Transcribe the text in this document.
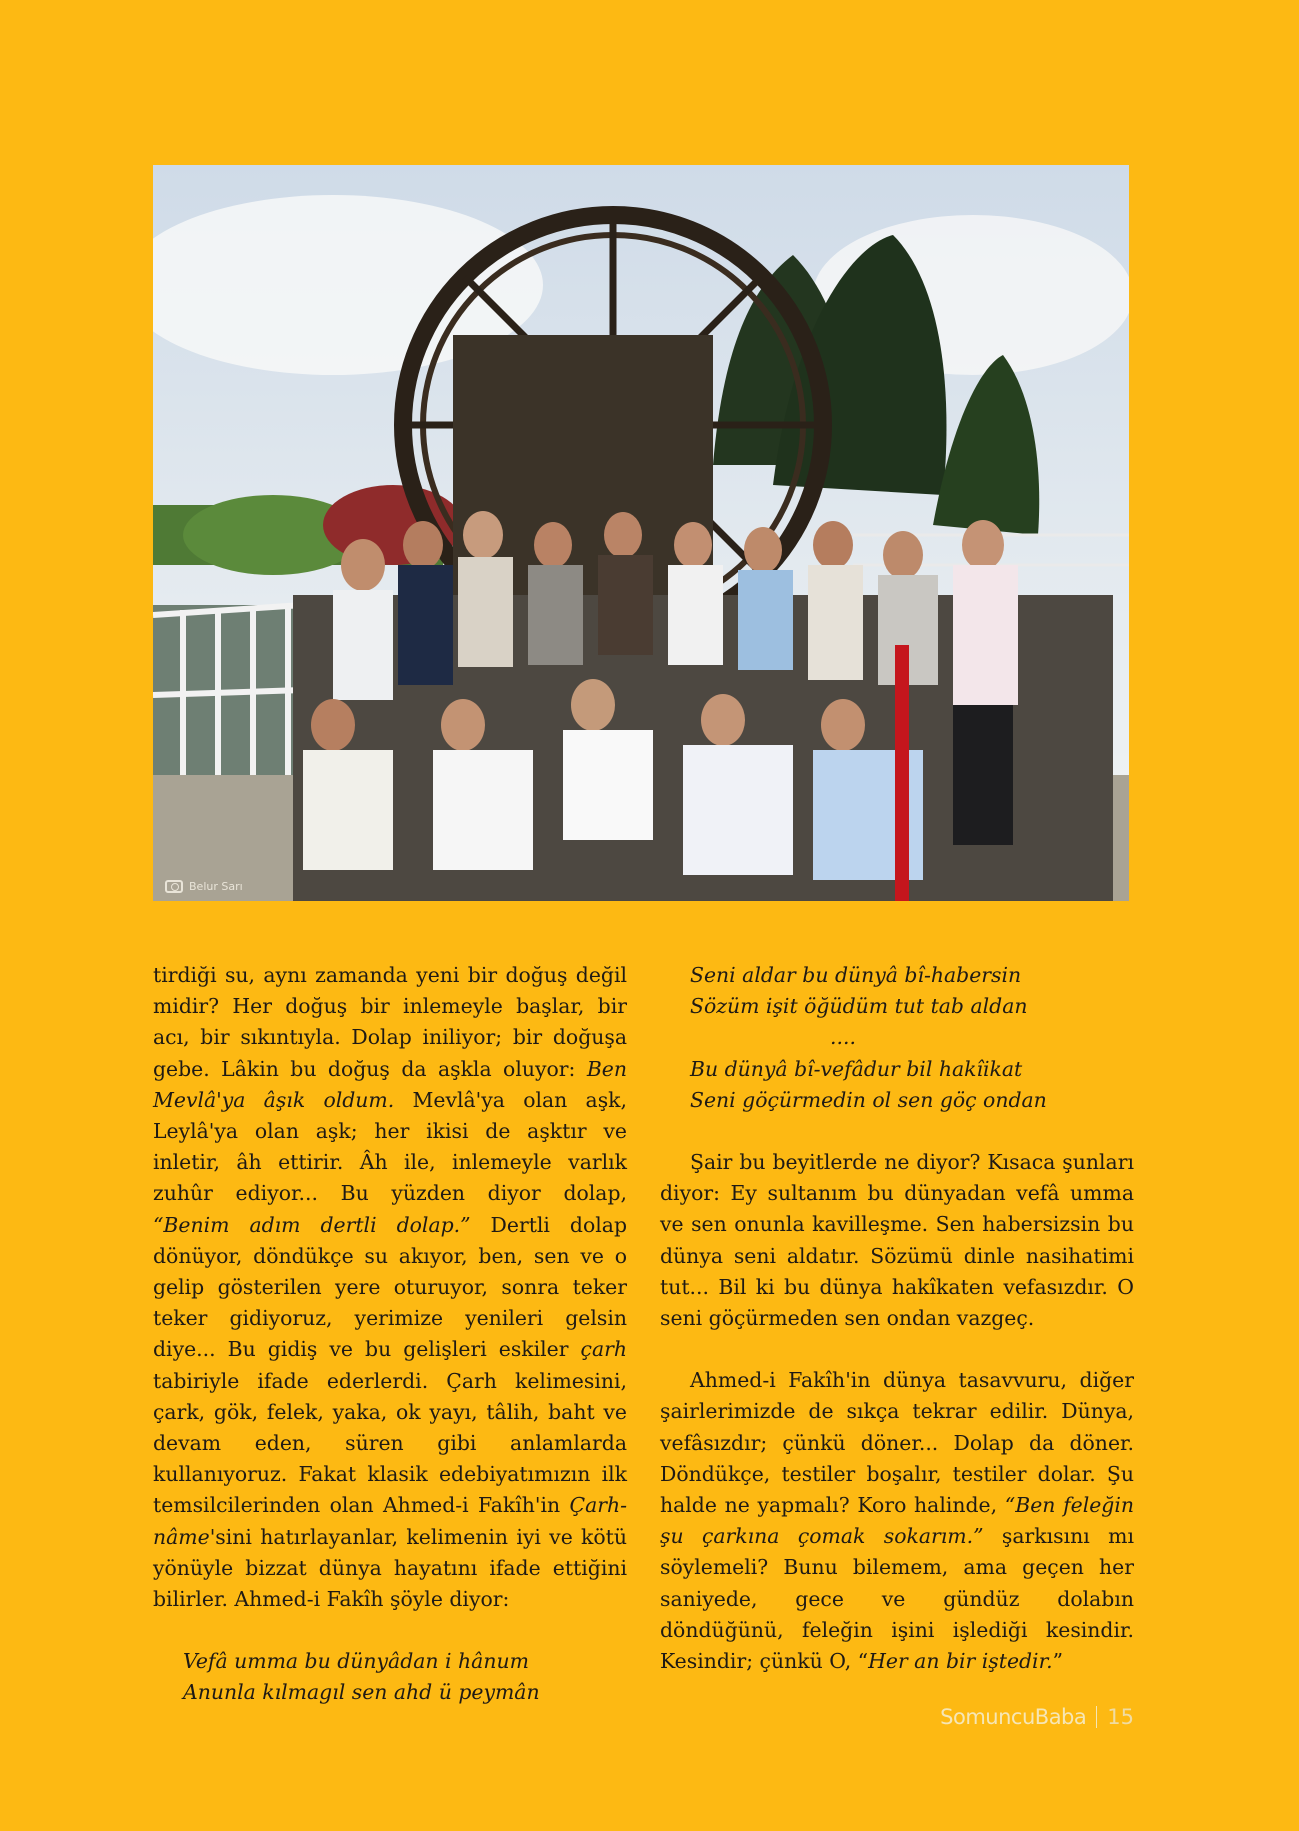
Belur Sarı

tirdiği su, aynı zamanda yeni bir doğuş değil midir? Her doğuş bir inlemeyle başlar, bir acı, bir sıkıntıyla. Dolap iniliyor; bir doğuşa gebe. Lâkin bu doğuş da aşkla oluyor: Ben Mevlâ'ya âşık oldum. Mevlâ'ya olan aşk, Leylâ'ya olan aşk; her ikisi de aşktır ve inletir, âh ettirir. Âh ile, inlemeyle varlık zuhûr ediyor... Bu yüzden diyor dolap, “Benim adım dertli dolap.” Dertli dolap dönüyor, döndükçe su akıyor, ben, sen ve o gelip gösterilen yere oturuyor, sonra teker teker gidiyoruz, yerimize yenileri gelsin diye... Bu gidiş ve bu gelişleri eskiler çarh tabiriyle ifade ederlerdi. Çarh kelimesini, çark, gök, felek, yaka, ok yayı, tâlih, baht ve devam eden, süren gibi anlamlarda kullanıyoruz. Fakat klasik edebiyatımızın ilk temsilcilerinden olan Ahmed-i Fakîh'in Çarh-nâme'sini hatırlayanlar, kelimenin iyi ve kötü yönüyle bizzat dünya hayatını ifade ettiğini bilirler. Ahmed-i Fakîh şöyle diyor:

Vefâ umma bu dünyâdan i hânum
Anunla kılmagıl sen ahd ü peymân
Seni aldar bu dünyâ bî-habersin
Sözüm işit öğüdüm tut tab aldan
....
Bu dünyâ bî-vefâdur bil hakîikat
Seni göçürmedin ol sen göç ondan

Şair bu beyitlerde ne diyor? Kısaca şunları diyor: Ey sultanım bu dünyadan vefâ umma ve sen onunla kavilleşme. Sen habersizsin bu dünya seni aldatır. Sözümü dinle nasihatimi tut... Bil ki bu dünya hakîkaten vefasızdır. O seni göçürmeden sen ondan vazgeç.

Ahmed-i Fakîh'in dünya tasavvuru, diğer şairlerimizde de sıkça tekrar edilir. Dünya, vefâsızdır; çünkü döner... Dolap da döner. Döndükçe, testiler boşalır, testiler dolar. Şu halde ne yapmalı? Koro halinde, “Ben feleğin şu çarkına çomak sokarım.” şarkısını mı söylemeli? Bunu bilemem, ama geçen her saniyede, gece ve gündüz dolabın döndüğünü, feleğin işini işlediği kesindir. Kesindir; çünkü O, “Her an bir iştedir.”

SomuncuBaba 15
